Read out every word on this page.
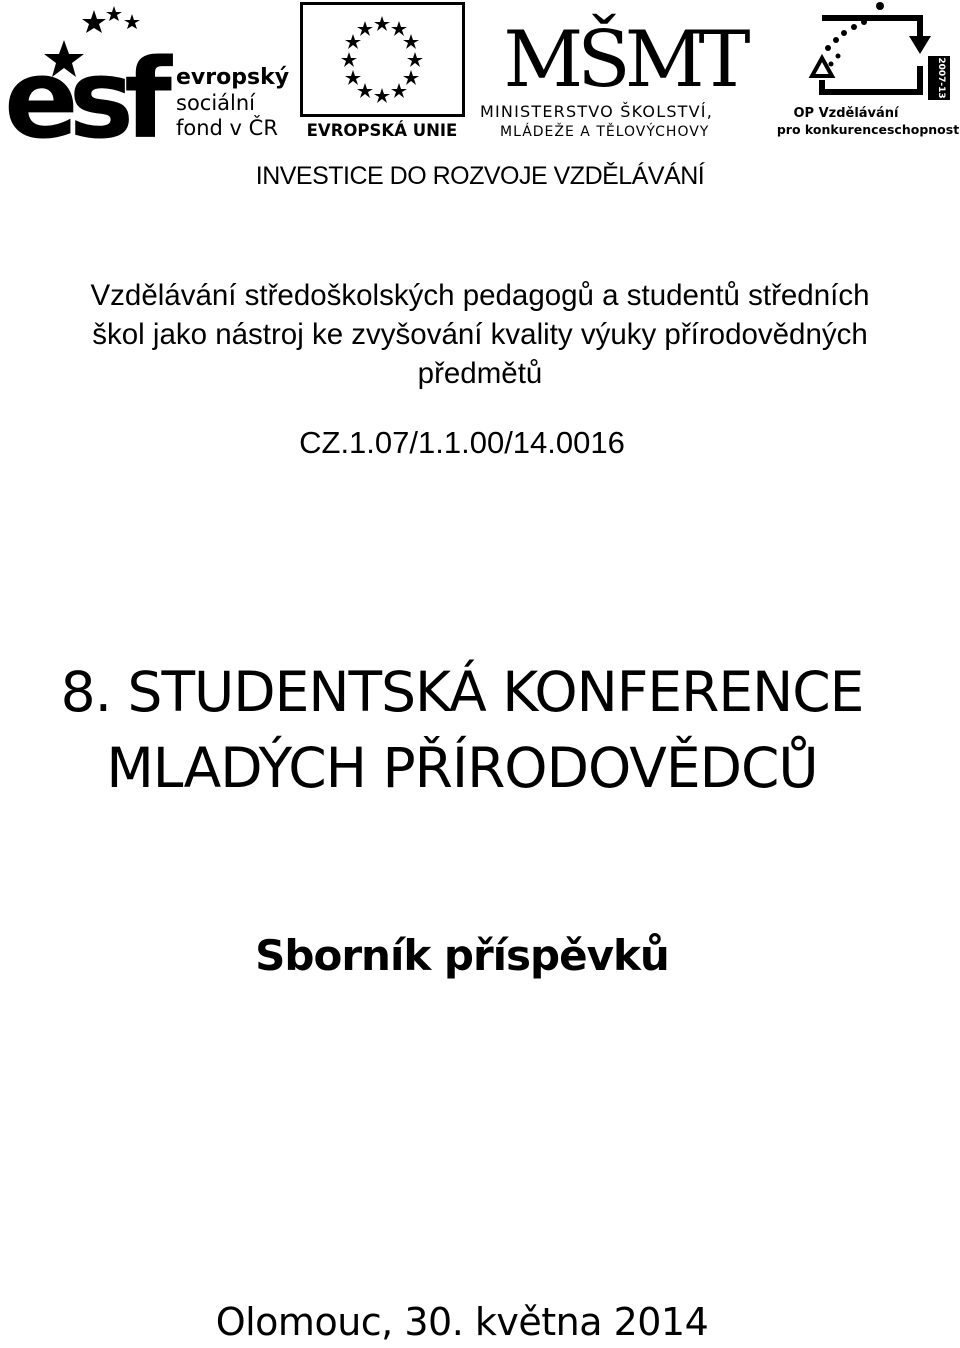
esf evropský
sociální
fond v ČR EVROPSKÁ UNIE
MŠMT
MINISTERSTVO ŠKOLSTVÍ,
MLÁDEŽE A TĚLOVÝCHOVY
2007-13
OP Vzdělávání
pro konkurenceschopnost
INVESTICE DO ROZVOJE VZDĚLÁVÁNÍ
Vzdělávání středoškolských pedagogů a studentů středních
škol jako nástroj ke zvyšování kvality výuky přírodovědných
předmětů
CZ.1.07/1.1.00/14.0016
8. STUDENTSKÁ KONFERENCE
MLADÝCH PŘÍRODOVĚDCŮ
Sborník příspěvků
Olomouc, 30. května 2014
